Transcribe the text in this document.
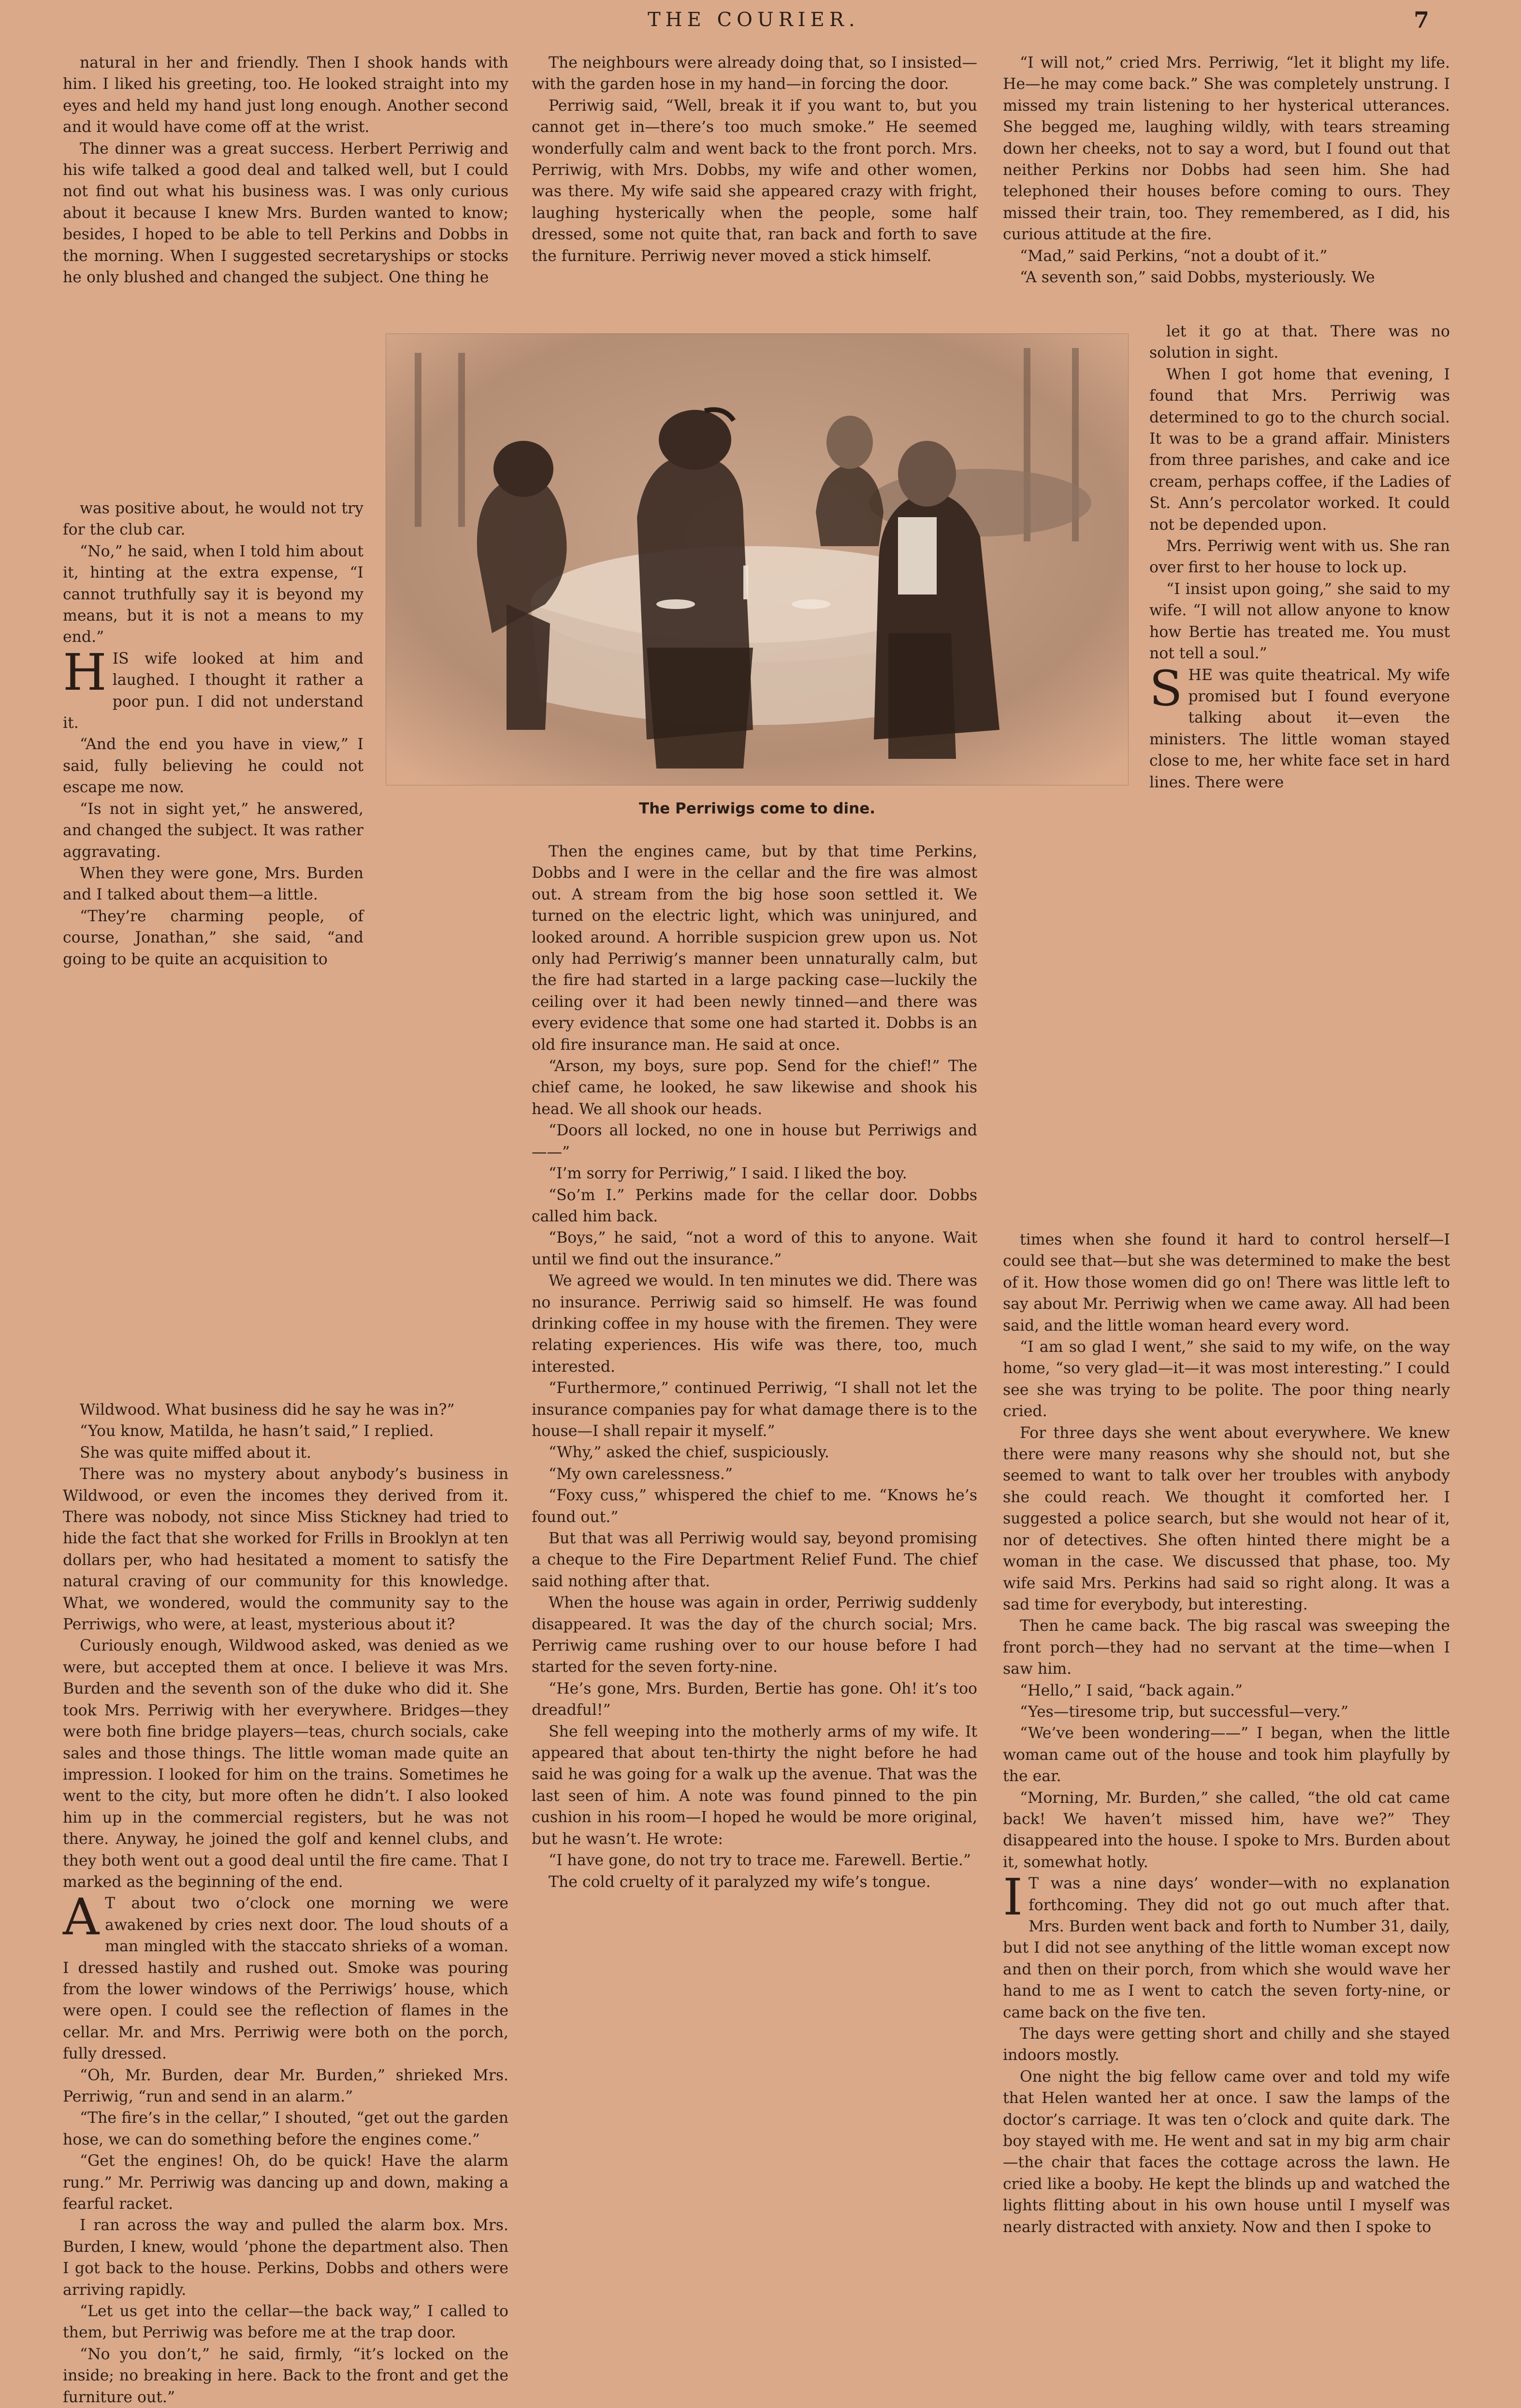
THE COURIER.	7

natural in her and friendly. Then I shook hands with him. I liked his greeting, too. He looked straight into my eyes and held my hand just long enough. Another second and it would have come off at the wrist.

The dinner was a great success. Herbert Perriwig and his wife talked a good deal and talked well, but I could not find out what his business was. I was only curious about it because I knew Mrs. Burden wanted to know; besides, I hoped to be able to tell Perkins and Dobbs in the morning. When I suggested secretaryships or stocks he only blushed and changed the subject. One thing he

was positive about, he would not try for the club car.

“No,” he said, when I told him about it, hinting at the extra expense, “I cannot truthfully say it is beyond my means, but it is not a means to my end.”

HIS wife looked at him and laughed. I thought it rather a poor pun. I did not understand it.

“And the end you have in view,” I said, fully believing he could not escape me now.

“Is not in sight yet,” he answered, and changed the subject. It was rather aggravating.

When they were gone, Mrs. Burden and I talked about them—a little.

“They’re charming people, of course, Jonathan,” she said, “and going to be quite an acquisition to

Wildwood. What business did he say he was in?”

“You know, Matilda, he hasn’t said,” I replied.

She was quite miffed about it.

There was no mystery about anybody’s business in Wildwood, or even the incomes they derived from it. There was nobody, not since Miss Stickney had tried to hide the fact that she worked for Frills in Brooklyn at ten dollars per, who had hesitated a moment to satisfy the natural craving of our community for this knowledge. What, we wondered, would the community say to the Perriwigs, who were, at least, mysterious about it?

Curiously enough, Wildwood asked, was denied as we were, but accepted them at once. I believe it was Mrs. Burden and the seventh son of the duke who did it. She took Mrs. Perriwig with her everywhere. Bridges—they were both fine bridge players—teas, church socials, cake sales and those things. The little woman made quite an impression. I looked for him on the trains. Sometimes he went to the city, but more often he didn’t. I also looked him up in the commercial registers, but he was not there. Anyway, he joined the golf and kennel clubs, and they both went out a good deal until the fire came. That I marked as the beginning of the end.

A T about two o’clock one morning we were awakened by cries next door. The loud shouts of a man mingled with the staccato shrieks of a woman. I dressed hastily and rushed out. Smoke was pouring from the lower windows of the Perriwigs’ house, which were open. I could see the reflection of flames in the cellar. Mr. and Mrs. Perriwig were both on the porch, fully dressed.

“Oh, Mr. Burden, dear Mr. Burden,” shrieked Mrs. Perriwig, “run and send in an alarm.”

“The fire’s in the cellar,” I shouted, “get out the garden hose, we can do something before the engines come.”

“Get the engines! Oh, do be quick! Have the alarm rung.” Mr. Perriwig was dancing up and down, making a fearful racket.

I ran across the way and pulled the alarm box. Mrs. Burden, I knew, would ’phone the department also. Then I got back to the house. Perkins, Dobbs and others were arriving rapidly.

“Let us get into the cellar—the back way,” I called to them, but Perriwig was before me at the trap door.

“No you don’t,” he said, firmly, “it’s locked on the inside; no breaking in here. Back to the front and get the furniture out.”

The neighbours were already doing that, so I insisted—with the garden hose in my hand—in forcing the door.

Perriwig said, “Well, break it if you want to, but you cannot get in—there’s too much smoke.” He seemed wonderfully calm and went back to the front porch. Mrs. Perriwig, with Mrs. Dobbs, my wife and other women, was there. My wife said she appeared crazy with fright, laughing hysterically when the people, some half dressed, some not quite that, ran back and forth to save the furniture. Perriwig never moved a stick himself.

Then the engines came, but by that time Perkins, Dobbs and I were in the cellar and the fire was almost out. A stream from the big hose soon settled it. We turned on the electric light, which was uninjured, and looked around. A horrible suspicion grew upon us. Not only had Perriwig’s manner been unnaturally calm, but the fire had started in a large packing case—luckily the ceiling over it had been newly tinned—and there was every evidence that some one had started it. Dobbs is an old fire insurance man. He said at once.

“Arson, my boys, sure pop. Send for the chief!” The chief came, he looked, he saw likewise and shook his head. We all shook our heads.

“Doors all locked, no one in house but Perriwigs and——”

“I’m sorry for Perriwig,” I said. I liked the boy.

“So’m I.” Perkins made for the cellar door. Dobbs called him back.

“Boys,” he said, “not a word of this to anyone. Wait until we find out the insurance.”

We agreed we would. In ten minutes we did. There was no insurance. Perriwig said so himself. He was found drinking coffee in my house with the firemen. They were relating experiences. His wife was there, too, much interested.

“Furthermore,” continued Perriwig, “I shall not let the insurance companies pay for what damage there is to the house—I shall repair it myself.”

“Why,” asked the chief, suspiciously.

“My own carelessness.”

“Foxy cuss,” whispered the chief to me. “Knows he’s found out.”

But that was all Perriwig would say, beyond promising a cheque to the Fire Department Relief Fund. The chief said nothing after that.

When the house was again in order, Perriwig suddenly disappeared. It was the day of the church social; Mrs. Perriwig came rushing over to our house before I had started for the seven forty-nine.

“He’s gone, Mrs. Burden, Bertie has gone. Oh! it’s too dreadful!”

She fell weeping into the motherly arms of my wife. It appeared that about ten-thirty the night before he had said he was going for a walk up the avenue. That was the last seen of him. A note was found pinned to the pin cushion in his room—I hoped he would be more original, but he wasn’t. He wrote:

“I have gone, do not try to trace me. Farewell. Bertie.”

The cold cruelty of it paralyzed my wife’s tongue.

“I will not,” cried Mrs. Perriwig, “let it blight my life. He—he may come back.” She was completely unstrung. I missed my train listening to her hysterical utterances. She begged me, laughing wildly, with tears streaming down her cheeks, not to say a word, but I found out that neither Perkins nor Dobbs had seen him. She had telephoned their houses before coming to ours. They missed their train, too. They remembered, as I did, his curious attitude at the fire.

“Mad,” said Perkins, “not a doubt of it.”

“A seventh son,” said Dobbs, mysteriously. We

let it go at that. There was no solution in sight.

When I got home that evening, I found that Mrs. Perriwig was determined to go to the church social. It was to be a grand affair. Ministers from three parishes, and cake and ice cream, perhaps coffee, if the Ladies of St. Ann’s percolator worked. It could not be depended upon.

Mrs. Perriwig went with us. She ran over first to her house to lock up.

“I insist upon going,” she said to my wife. “I will not allow anyone to know how Bertie has treated me. You must not tell a soul.”

SHE was quite theatrical. My wife promised but I found everyone talking about it—even the ministers. The little woman stayed close to me, her white face set in hard lines. There were

times when she found it hard to control herself—I could see that—but she was determined to make the best of it. How those women did go on! There was little left to say about Mr. Perriwig when we came away. All had been said, and the little woman heard every word.

“I am so glad I went,” she said to my wife, on the way home, “so very glad—it—it was most interesting.” I could see she was trying to be polite. The poor thing nearly cried.

For three days she went about everywhere. We knew there were many reasons why she should not, but she seemed to want to talk over her troubles with anybody she could reach. We thought it comforted her. I suggested a police search, but she would not hear of it, nor of detectives. She often hinted there might be a woman in the case. We discussed that phase, too. My wife said Mrs. Perkins had said so right along. It was a sad time for everybody, but interesting.

Then he came back. The big rascal was sweeping the front porch—they had no servant at the time—when I saw him.

“Hello,” I said, “back again.”

“Yes—tiresome trip, but successful—very.”

“We’ve been wondering——” I began, when the little woman came out of the house and took him playfully by the ear.

“Morning, Mr. Burden,” she called, “the old cat came back! We haven’t missed him, have we?” They disappeared into the house. I spoke to Mrs. Burden about it, somewhat hotly.

I T was a nine days’ wonder—with no explanation forthcoming. They did not go out much after that. Mrs. Burden went back and forth to Number 31, daily, but I did not see anything of the little woman except now and then on their porch, from which she would wave her hand to me as I went to catch the seven forty-nine, or came back on the five ten.

The days were getting short and chilly and she stayed indoors mostly.

One night the big fellow came over and told my wife that Helen wanted her at once. I saw the lamps of the doctor’s carriage. It was ten o’clock and quite dark. The boy stayed with me. He went and sat in my big arm chair—the chair that faces the cottage across the lawn. He cried like a booby. He kept the blinds up and watched the lights flitting about in his own house until I myself was nearly distracted with anxiety. Now and then I spoke to

The Perriwigs come to dine.
